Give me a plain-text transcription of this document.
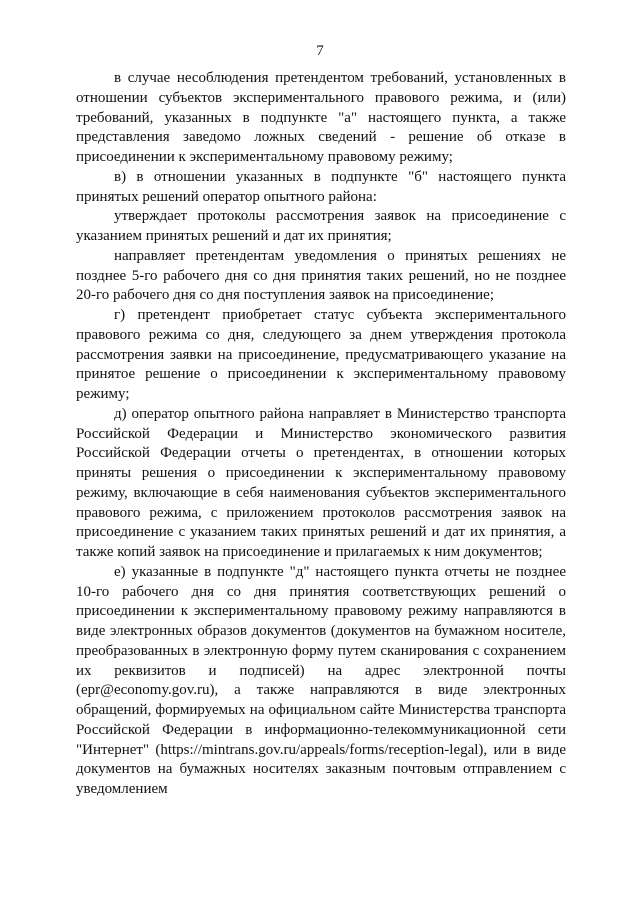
7

в случае несоблюдения претендентом требований, установленных в отношении субъектов экспериментального правового режима, и (или) требований, указанных в подпункте "а" настоящего пункта, а также представления заведомо ложных сведений - решение об отказе в присоединении к экспериментальному правовому режиму;

в) в отношении указанных в подпункте "б" настоящего пункта принятых решений оператор опытного района:

утверждает протоколы рассмотрения заявок на присоединение с указанием принятых решений и дат их принятия;

направляет претендентам уведомления о принятых решениях не позднее 5-го рабочего дня со дня принятия таких решений, но не позднее 20-го рабочего дня со дня поступления заявок на присоединение;

г) претендент приобретает статус субъекта экспериментального правового режима со дня, следующего за днем утверждения протокола рассмотрения заявки на присоединение, предусматривающего указание на принятое решение о присоединении к экспериментальному правовому режиму;

д) оператор опытного района направляет в Министерство транспорта Российской Федерации и Министерство экономического развития Российской Федерации отчеты о претендентах, в отношении которых приняты решения о присоединении к экспериментальному правовому режиму, включающие в себя наименования субъектов экспериментального правового режима, с приложением протоколов рассмотрения заявок на присоединение с указанием таких принятых решений и дат их принятия, а также копий заявок на присоединение и прилагаемых к ним документов;

е) указанные в подпункте "д" настоящего пункта отчеты не позднее 10-го рабочего дня со дня принятия соответствующих решений о присоединении к экспериментальному правовому режиму направляются в виде электронных образов документов (документов на бумажном носителе, преобразованных в электронную форму путем сканирования с сохранением их реквизитов и подписей) на адрес электронной почты (epr@economy.gov.ru), а также направляются в виде электронных обращений, формируемых на официальном сайте Министерства транспорта Российской Федерации в информационно-телекоммуникационной сети "Интернет" (https://mintrans.gov.ru/appeals/forms/reception-legal), или в виде документов на бумажных носителях заказным почтовым отправлением с уведомлением
